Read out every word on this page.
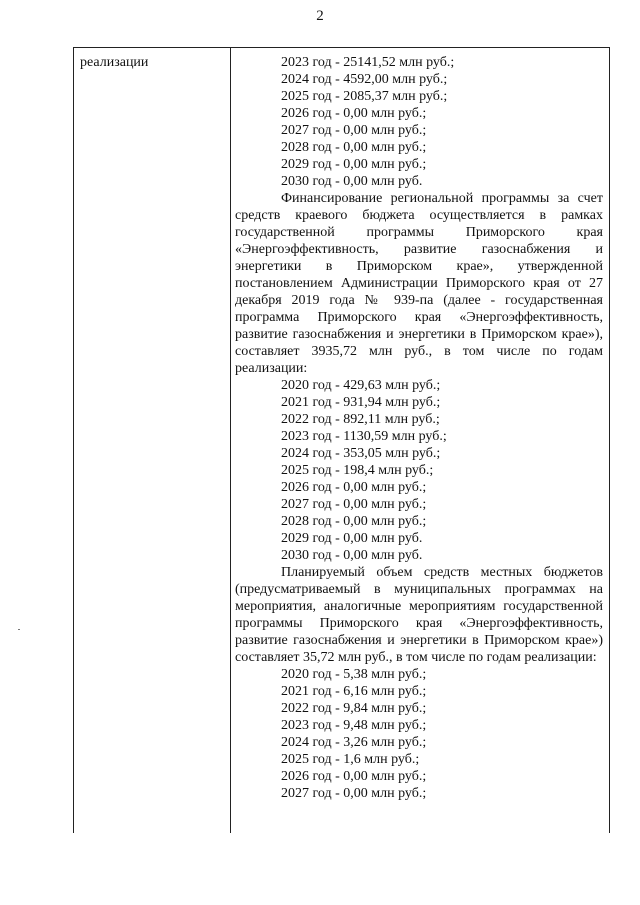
2
реализации	2023 год - 25141,52 млн руб.;
2024 год - 4592,00 млн руб.;
2025 год - 2085,37 млн руб.;
2026 год - 0,00 млн руб.;
2027 год - 0,00 млн руб.;
2028 год - 0,00 млн руб.;
2029 год - 0,00 млн руб.;
2030 год - 0,00 млн руб.

Финансирование региональной программы за счет средств краевого бюджета осуществляется в рамках государственной программы Приморского края «Энергоэффективность, развитие газоснабжения и энергетики в Приморском крае», утвержденной постановлением Администрации Приморского края от 27 декабря 2019 года № 939-па (далее - государственная программа Приморского края «Энергоэффективность, развитие газоснабжения и энергетики в Приморском крае»), составляет 3935,72 млн руб., в том числе по годам реализации:

2020 год - 429,63 млн руб.;
2021 год - 931,94 млн руб.;
2022 год - 892,11 млн руб.;
2023 год - 1130,59 млн руб.;
2024 год - 353,05 млн руб.;
2025 год - 198,4 млн руб.;
2026 год - 0,00 млн руб.;
2027 год - 0,00 млн руб.;
2028 год - 0,00 млн руб.;
2029 год - 0,00 млн руб.
2030 год - 0,00 млн руб.

Планируемый объем средств местных бюджетов (предусматриваемый в муниципальных программах на мероприятия, аналогичные мероприятиям государственной программы Приморского края «Энергоэффективность, развитие газоснабжения и энергетики в Приморском крае») составляет 35,72 млн руб., в том числе по годам реализации:

2020 год - 5,38 млн руб.;
2021 год - 6,16 млн руб.;
2022 год - 9,84 млн руб.;
2023 год - 9,48 млн руб.;
2024 год - 3,26 млн руб.;
2025 год - 1,6 млн руб.;
2026 год - 0,00 млн руб.;
2027 год - 0,00 млн руб.;
